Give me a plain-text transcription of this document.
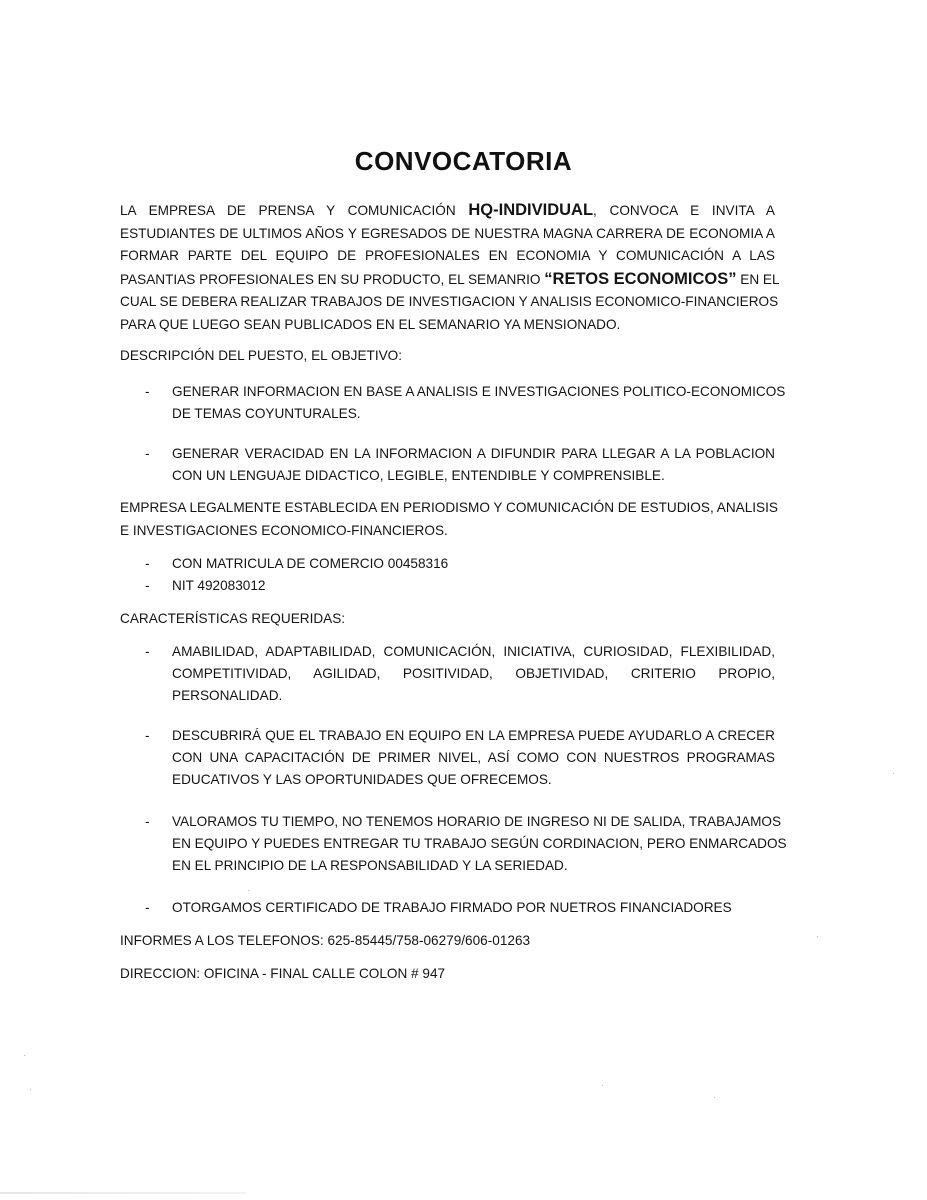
CONVOCATORIA
LA EMPRESA DE PRENSA Y COMUNICACIÓN HQ-INDIVIDUAL, CONVOCA E INVITA A
ESTUDIANTES DE ULTIMOS AÑOS Y EGRESADOS DE NUESTRA MAGNA CARRERA DE ECONOMIA A
FORMAR PARTE DEL EQUIPO DE PROFESIONALES EN ECONOMIA Y COMUNICACIÓN A LAS
PASANTIAS PROFESIONALES EN SU PRODUCTO, EL SEMANRIO “RETOS ECONOMICOS” EN EL
CUAL SE DEBERA REALIZAR TRABAJOS DE INVESTIGACION Y ANALISIS ECONOMICO-FINANCIEROS
PARA QUE LUEGO SEAN PUBLICADOS EN EL SEMANARIO YA MENSIONADO.
DESCRIPCIÓN DEL PUESTO, EL OBJETIVO:
-	GENERAR INFORMACION EN BASE A ANALISIS E INVESTIGACIONES POLITICO-ECONOMICOS
DE TEMAS COYUNTURALES.
-	GENERAR VERACIDAD EN LA INFORMACION A DIFUNDIR PARA LLEGAR A LA POBLACION
CON UN LENGUAJE DIDACTICO, LEGIBLE, ENTENDIBLE Y COMPRENSIBLE.
EMPRESA LEGALMENTE ESTABLECIDA EN PERIODISMO Y COMUNICACIÓN DE ESTUDIOS, ANALISIS
E INVESTIGACIONES ECONOMICO-FINANCIEROS.
-	CON MATRICULA DE COMERCIO 00458316
-	NIT 492083012
CARACTERÍSTICAS REQUERIDAS:
-	AMABILIDAD, ADAPTABILIDAD, COMUNICACIÓN, INICIATIVA, CURIOSIDAD, FLEXIBILIDAD,
COMPETITIVIDAD, AGILIDAD, POSITIVIDAD, OBJETIVIDAD, CRITERIO PROPIO,
PERSONALIDAD.
-	DESCUBRIRÁ QUE EL TRABAJO EN EQUIPO EN LA EMPRESA PUEDE AYUDARLO A CRECER
CON UNA CAPACITACIÓN DE PRIMER NIVEL, ASÍ COMO CON NUESTROS PROGRAMAS
EDUCATIVOS Y LAS OPORTUNIDADES QUE OFRECEMOS.
-	VALORAMOS TU TIEMPO, NO TENEMOS HORARIO DE INGRESO NI DE SALIDA, TRABAJAMOS
EN EQUIPO Y PUEDES ENTREGAR TU TRABAJO SEGÚN CORDINACION, PERO ENMARCADOS
EN EL PRINCIPIO DE LA RESPONSABILIDAD Y LA SERIEDAD.
-	OTORGAMOS CERTIFICADO DE TRABAJO FIRMADO POR NUETROS FINANCIADORES
INFORMES A LOS TELEFONOS: 625-85445/758-06279/606-01263
DIRECCION: OFICINA - FINAL CALLE COLON # 947
